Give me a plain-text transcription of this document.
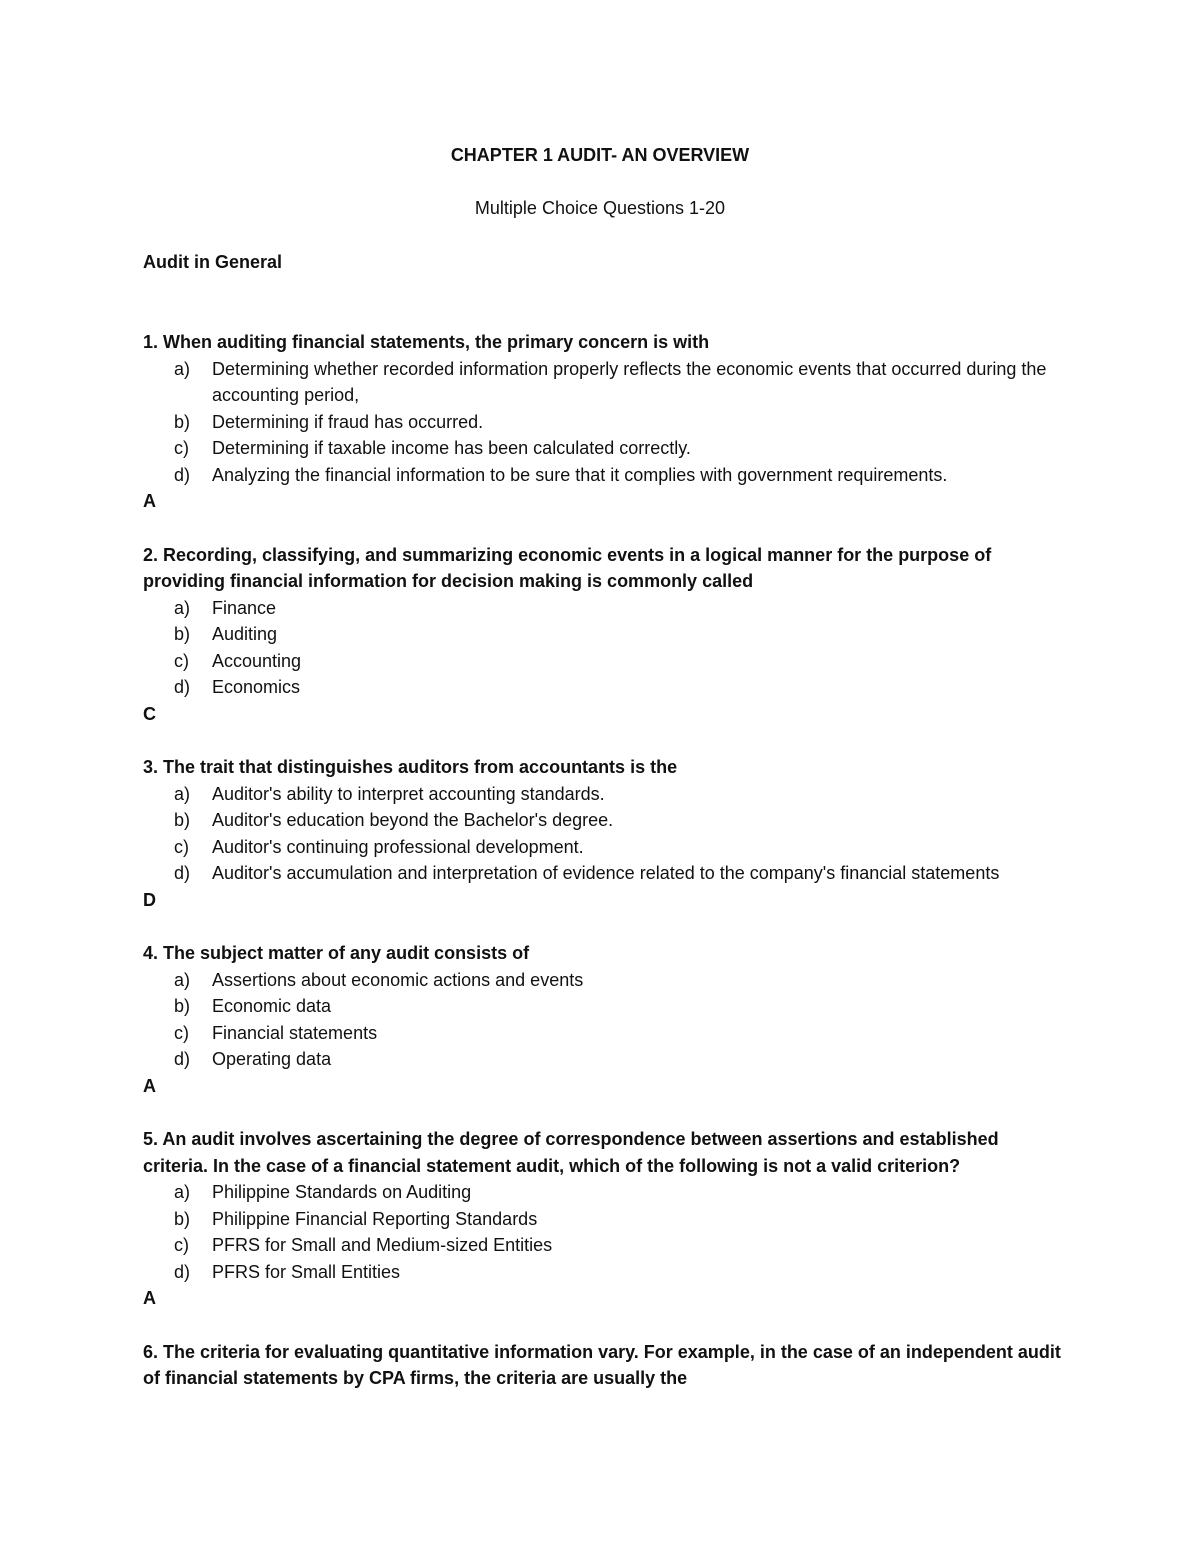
CHAPTER 1 AUDIT- AN OVERVIEW
Multiple Choice Questions 1-20
Audit in General
1. When auditing financial statements, the primary concern is with
a) Determining whether recorded information properly reflects the economic events that occurred during the accounting period,
b) Determining if fraud has occurred.
c) Determining if taxable income has been calculated correctly.
d) Analyzing the financial information to be sure that it complies with government requirements.
A
2. Recording, classifying, and summarizing economic events in a logical manner for the purpose of providing financial information for decision making is commonly called
a) Finance
b) Auditing
c) Accounting
d) Economics
C
3. The trait that distinguishes auditors from accountants is the
a) Auditor's ability to interpret accounting standards.
b) Auditor's education beyond the Bachelor's degree.
c) Auditor's continuing professional development.
d) Auditor's accumulation and interpretation of evidence related to the company's financial statements
D
4. The subject matter of any audit consists of
a) Assertions about economic actions and events
b) Economic data
c) Financial statements
d) Operating data
A
5. An audit involves ascertaining the degree of correspondence between assertions and established criteria. In the case of a financial statement audit, which of the following is not a valid criterion?
a) Philippine Standards on Auditing
b) Philippine Financial Reporting Standards
c) PFRS for Small and Medium-sized Entities
d) PFRS for Small Entities
A
6. The criteria for evaluating quantitative information vary. For example, in the case of an independent audit of financial statements by CPA firms, the criteria are usually the
